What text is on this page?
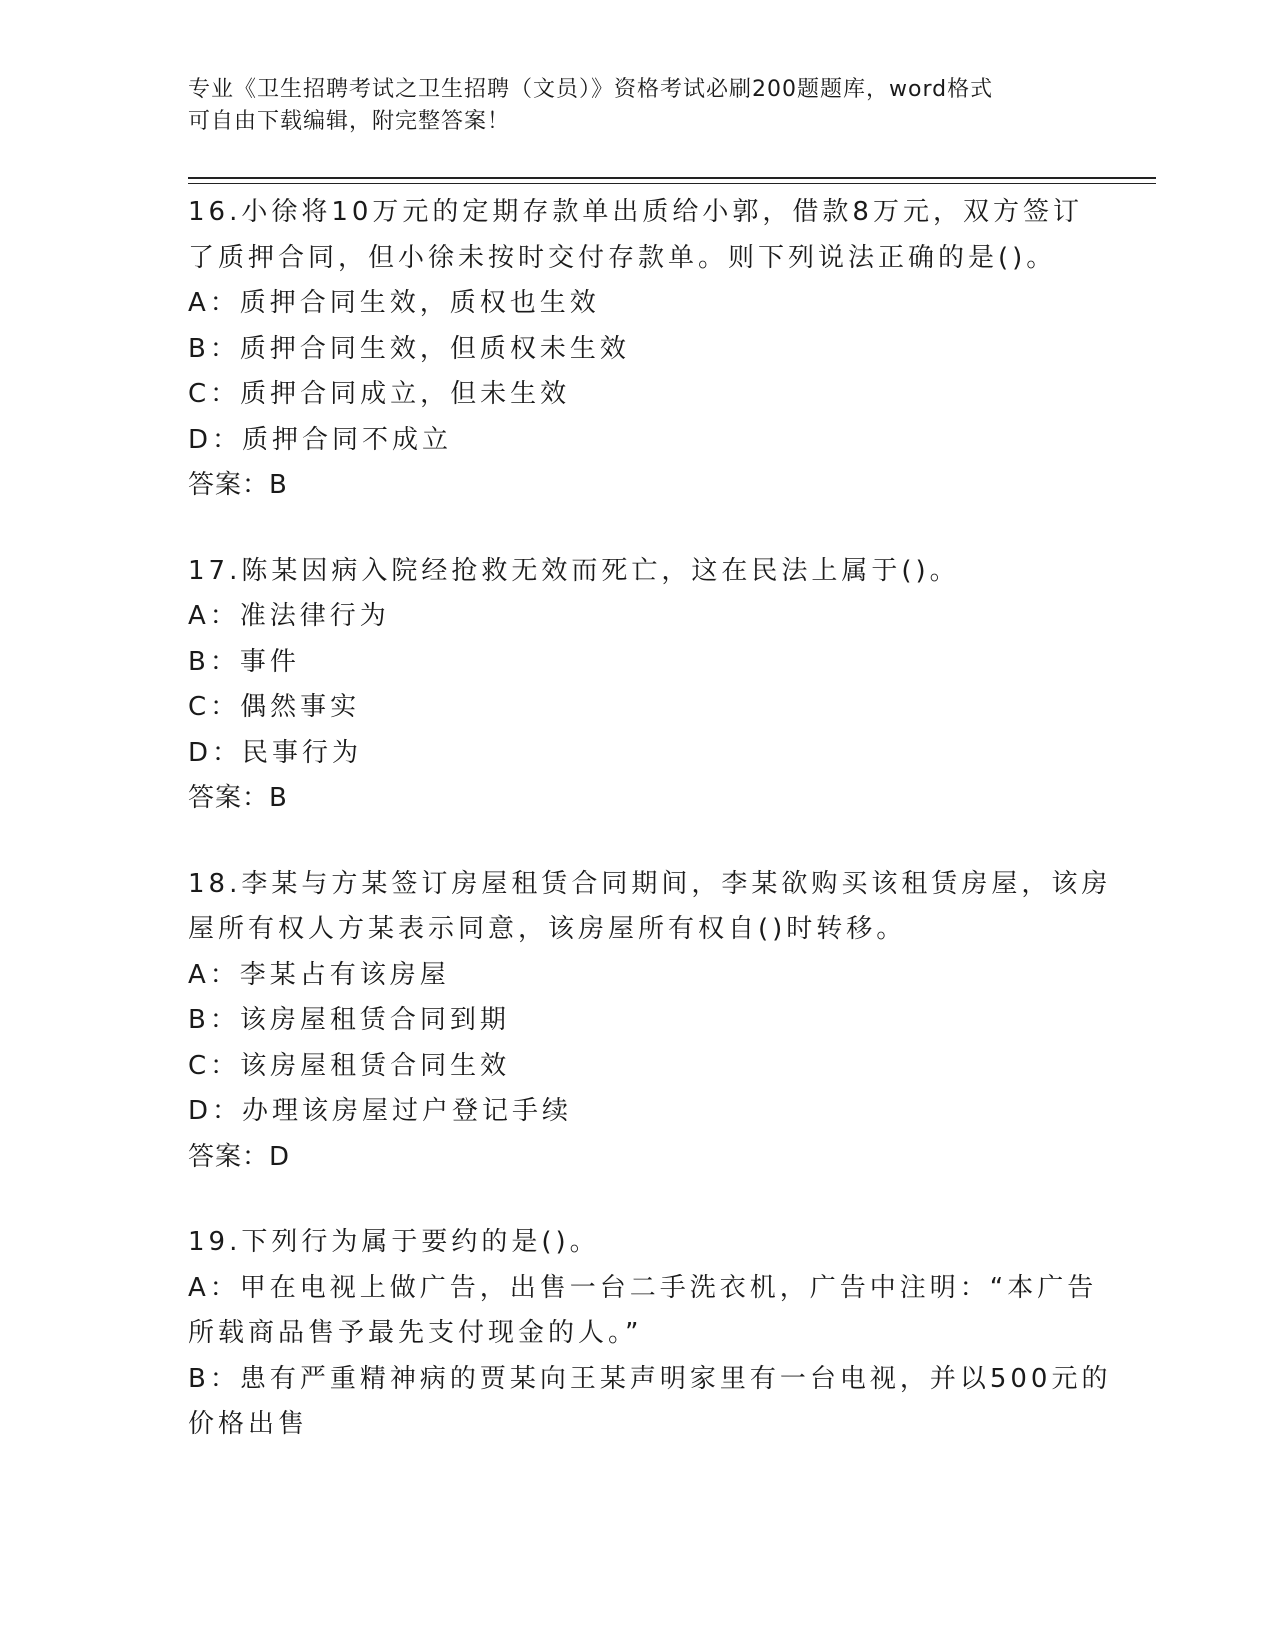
专业《卫生招聘考试之卫生招聘（文员）》资格考试必刷200题题库，word格式
可自由下载编辑，附完整答案！
16.小徐将10万元的定期存款单出质给小郭，借款8万元，双方签订
了质押合同，但小徐未按时交付存款单。则下列说法正确的是()。
A：质押合同生效，质权也生效
B：质押合同生效，但质权未生效
C：质押合同成立，但未生效
D：质押合同不成立
答案：B
17.陈某因病入院经抢救无效而死亡，这在民法上属于()。
A：准法律行为
B：事件
C：偶然事实
D：民事行为
答案：B
18.李某与方某签订房屋租赁合同期间，李某欲购买该租赁房屋，该房
屋所有权人方某表示同意，该房屋所有权自()时转移。
A：李某占有该房屋
B：该房屋租赁合同到期
C：该房屋租赁合同生效
D：办理该房屋过户登记手续
答案：D
19.下列行为属于要约的是()。
A：甲在电视上做广告，出售一台二手洗衣机，广告中注明：“本广告
所载商品售予最先支付现金的人。”
B：患有严重精神病的贾某向王某声明家里有一台电视，并以500元的
价格出售
